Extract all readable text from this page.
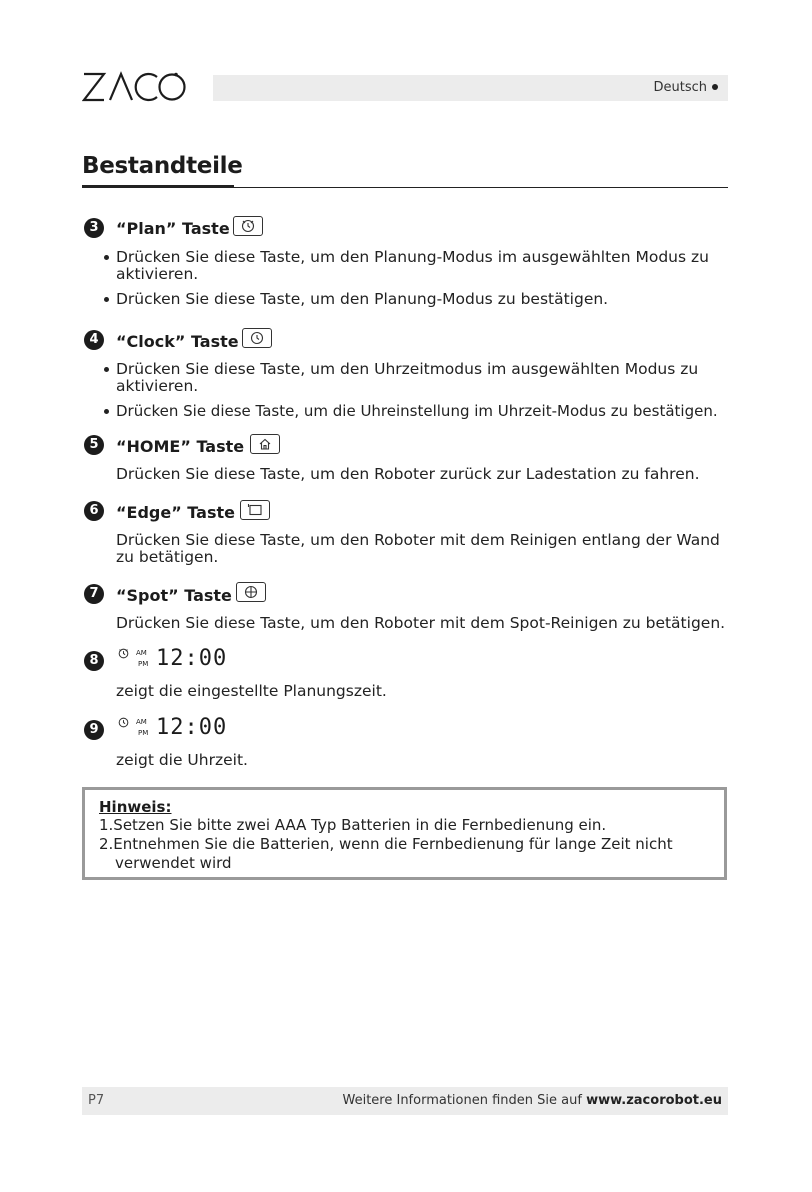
Deutsch
Bestandteile
3	“Plan” Taste
Drücken Sie diese Taste, um den Planung-Modus im ausgewählten Modus zu
aktivieren.
Drücken Sie diese Taste, um den Planung-Modus zu bestätigen.
4	“Clock” Taste
Drücken Sie diese Taste, um den Uhrzeitmodus im ausgewählten Modus zu
aktivieren.
Drücken Sie diese Taste, um die Uhreinstellung im Uhrzeit-Modus zu bestätigen.
5	“HOME” Taste
Drücken Sie diese Taste, um den Roboter zurück zur Ladestation zu fahren.
6	“Edge” Taste
Drücken Sie diese Taste, um den Roboter mit dem Reinigen entlang der Wand
zu betätigen.
7	“Spot” Taste
Drücken Sie diese Taste, um den Roboter mit dem Spot-Reinigen zu betätigen.
8	AM
PM 12:00
zeigt die eingestellte Planungszeit.
9	AM
PM 12:00
zeigt die Uhrzeit.
Hinweis:
1.Setzen Sie bitte zwei AAA Typ Batterien in die Fernbedienung ein.
2.Entnehmen Sie die Batterien, wenn die Fernbedienung für lange Zeit nicht
verwendet wird
P7	Weitere Informationen finden Sie auf www.zacorobot.eu
